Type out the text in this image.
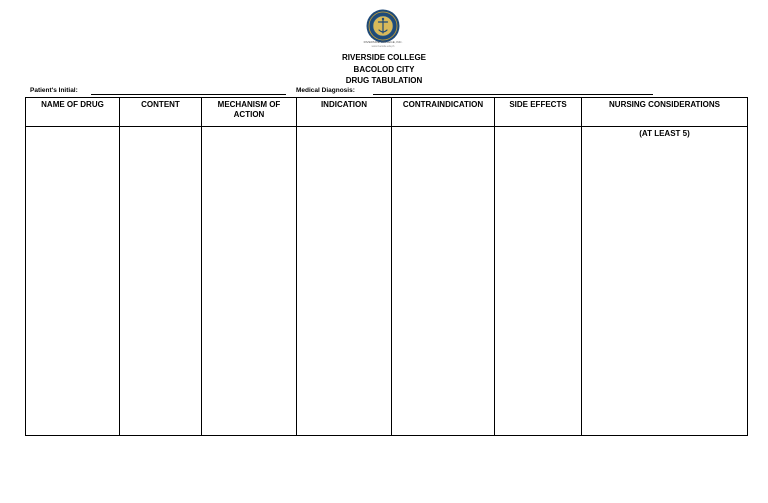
RIVERSIDE COLLEGE, INC.
www.riverside.edu.ph
RIVERSIDE COLLEGE
BACOLOD CITY
DRUG TABULATION
Patient's Initial:	Medical Diagnosis:
NAME OF DRUG	CONTENT	MECHANISM OF ACTION	INDICATION	CONTRAINDICATION	SIDE EFFECTS	NURSING CONSIDERATIONS

						(AT LEAST 5)
